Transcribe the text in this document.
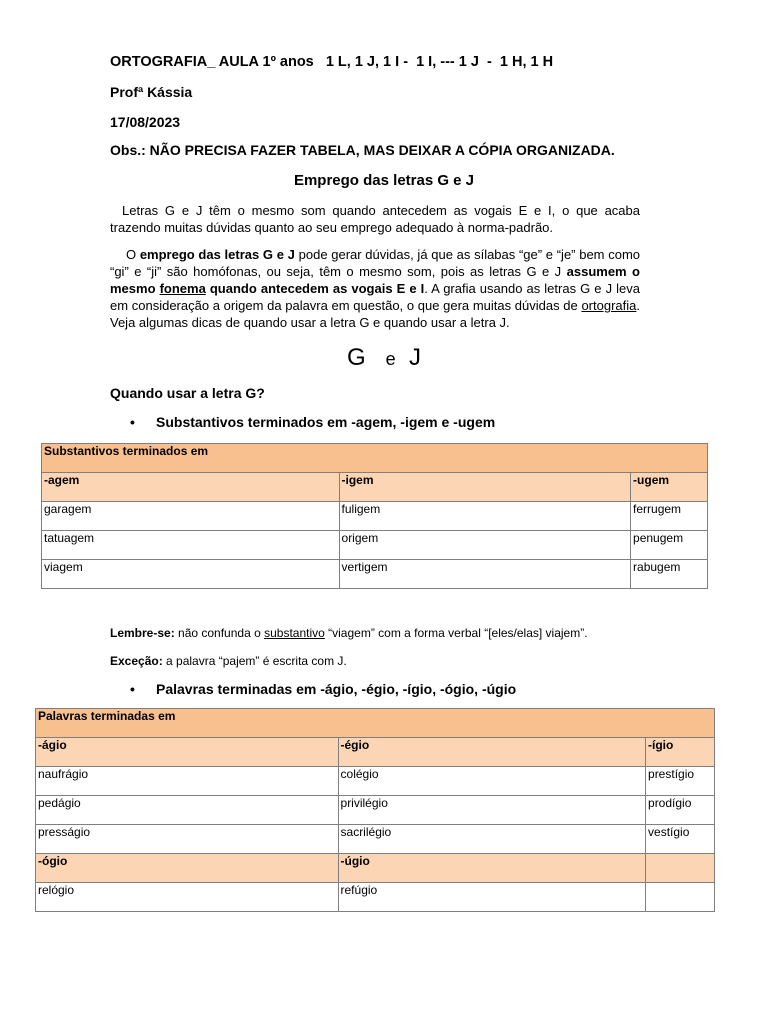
ORTOGRAFIA_ AULA 1º anos   1 L, 1 J, 1 I -  1 I, --- 1 J  -  1 H, 1 H
Profª Kássia
17/08/2023
Obs.: NÃO PRECISA FAZER TABELA, MAS DEIXAR A CÓPIA ORGANIZADA.
Emprego das letras G e J
Letras G e J têm o mesmo som quando antecedem as vogais E e I, o que acaba trazendo muitas dúvidas quanto ao seu emprego adequado à norma-padrão.
O emprego das letras G e J pode gerar dúvidas, já que as sílabas “ge” e “je” bem como “gi” e “ji” são homófonas, ou seja, têm o mesmo som, pois as letras G e J assumem o mesmo fonema quando antecedem as vogais E e I. A grafia usando as letras G e J leva em consideração a origem da palavra em questão, o que gera muitas dúvidas de ortografia. Veja algumas dicas de quando usar a letra G e quando usar a letra J.
G e J
Quando usar a letra G?
• Substantivos terminados em -agem, -igem e -ugem
Substantivos terminados em		
-agem	-igem	-ugem
garagem	fuligem	ferrugem
tatuagem	origem	penugem
viagem	vertigem	rabugem
Lembre-se: não confunda o substantivo “viagem” com a forma verbal “[eles/elas] viajem”.
Exceção: a palavra “pajem” é escrita com J.
• Palavras terminadas em -ágio, -égio, -ígio, -ógio, -úgio
Palavras terminadas em		
-ágio	-égio	-ígio
naufrágio	colégio	prestígio
pedágio	privilégio	prodígio
presságio	sacrilégio	vestígio
-ógio	-úgio	
relógio	refúgio	
